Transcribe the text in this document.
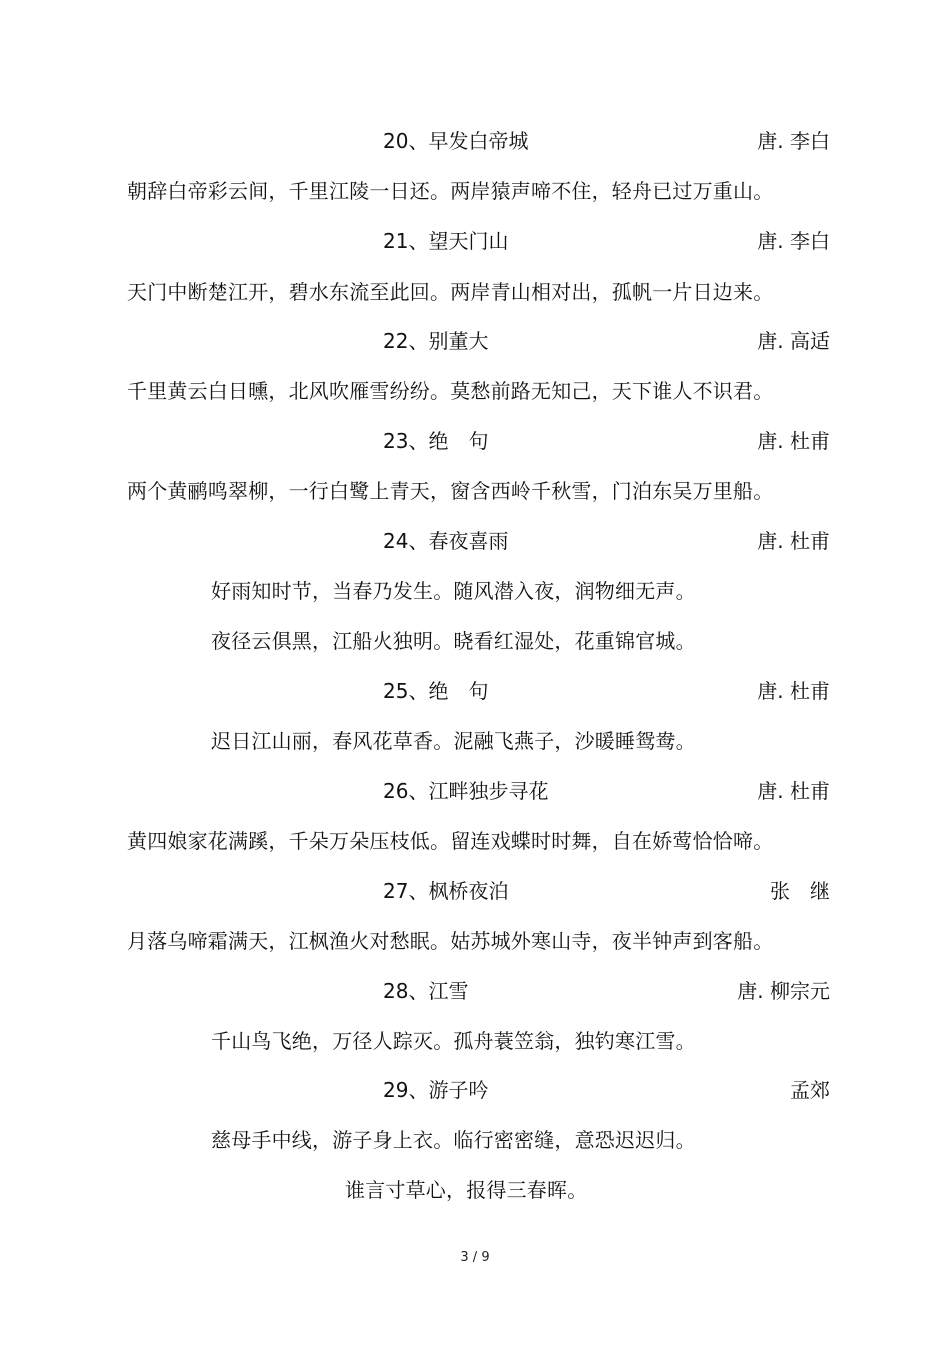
20、早发白帝城	唐. 李白
朝辞白帝彩云间，千里江陵一日还。两岸猿声啼不住，轻舟已过万重山。
21、望天门山	唐. 李白
天门中断楚江开，碧水东流至此回。两岸青山相对出，孤帆一片日边来。
22、别董大	唐. 高适
千里黄云白日曛，北风吹雁雪纷纷。莫愁前路无知己，天下谁人不识君。
23、绝　句	唐. 杜甫
两个黄鹂鸣翠柳，一行白鹭上青天，窗含西岭千秋雪，门泊东吴万里船。
24、春夜喜雨	唐. 杜甫
好雨知时节，当春乃发生。随风潜入夜，润物细无声。
夜径云俱黑，江船火独明。晓看红湿处，花重锦官城。
25、绝　句	唐. 杜甫
迟日江山丽，春风花草香。泥融飞燕子，沙暖睡鸳鸯。
26、江畔独步寻花	唐. 杜甫
黄四娘家花满蹊，千朵万朵压枝低。留连戏蝶时时舞，自在娇莺恰恰啼。
27、枫桥夜泊	张　继
月落乌啼霜满天，江枫渔火对愁眠。姑苏城外寒山寺，夜半钟声到客船。
28、江雪	唐. 柳宗元
千山鸟飞绝，万径人踪灭。孤舟蓑笠翁，独钓寒江雪。
29、游子吟	孟郊
慈母手中线，游子身上衣。临行密密缝，意恐迟迟归。
谁言寸草心，报得三春晖。
3 / 9
